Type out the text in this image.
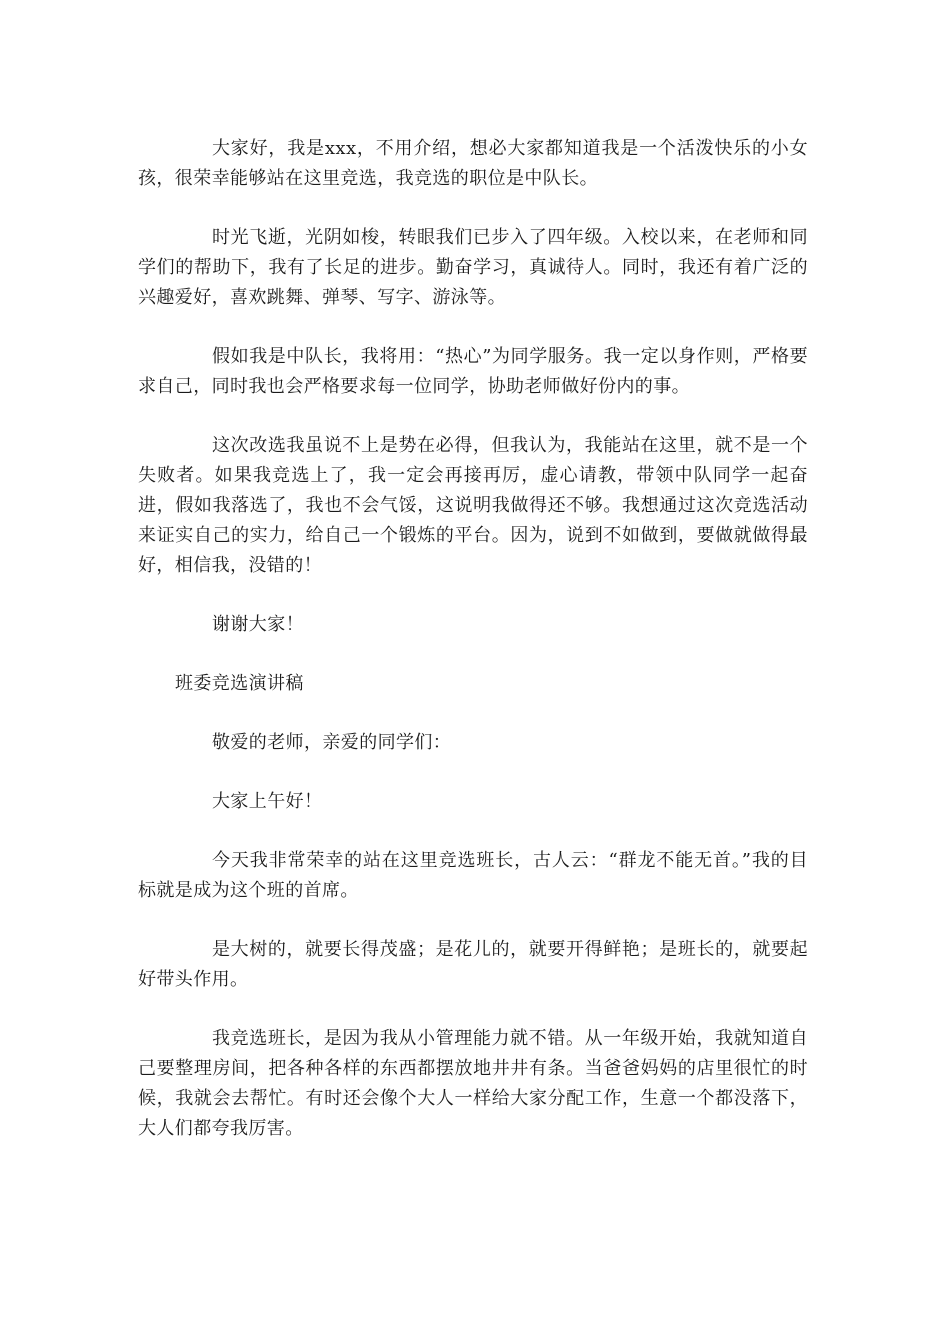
大家好，我是xxx，不用介绍，想必大家都知道我是一个活泼快乐的小女孩，很荣幸能够站在这里竞选，我竞选的职位是中队长。

时光飞逝，光阴如梭，转眼我们已步入了四年级。入校以来，在老师和同学们的帮助下，我有了长足的进步。勤奋学习，真诚待人。同时，我还有着广泛的兴趣爱好，喜欢跳舞、弹琴、写字、游泳等。

假如我是中队长，我将用：“热心”为同学服务。我一定以身作则，严格要求自己，同时我也会严格要求每一位同学，协助老师做好份内的事。

这次改选我虽说不上是势在必得，但我认为，我能站在这里，就不是一个失败者。如果我竞选上了，我一定会再接再厉，虚心请教，带领中队同学一起奋进，假如我落选了，我也不会气馁，这说明我做得还不够。我想通过这次竞选活动来证实自己的实力，给自己一个锻炼的平台。因为，说到不如做到，要做就做得最 好，相信我，没错的！

谢谢大家！

班委竞选演讲稿

敬爱的老师，亲爱的同学们：

大家上午好！

今天我非常荣幸的站在这里竞选班长，古人云：“群龙不能无首。”我的目标就是成为这个班的首席。

是大树的，就要长得茂盛；是花儿的，就要开得鲜艳；是班长的，就要起好带头作用。

我竞选班长，是因为我从小管理能力就不错。从一年级开始，我就知道自己要整理房间，把各种各样的东西都摆放地井井有条。当爸爸妈妈的店里很忙的时候，我就会去帮忙。有时还会像个大人一样给大家分配工作，生意一个都没落下，大人们都夸我厉害。
